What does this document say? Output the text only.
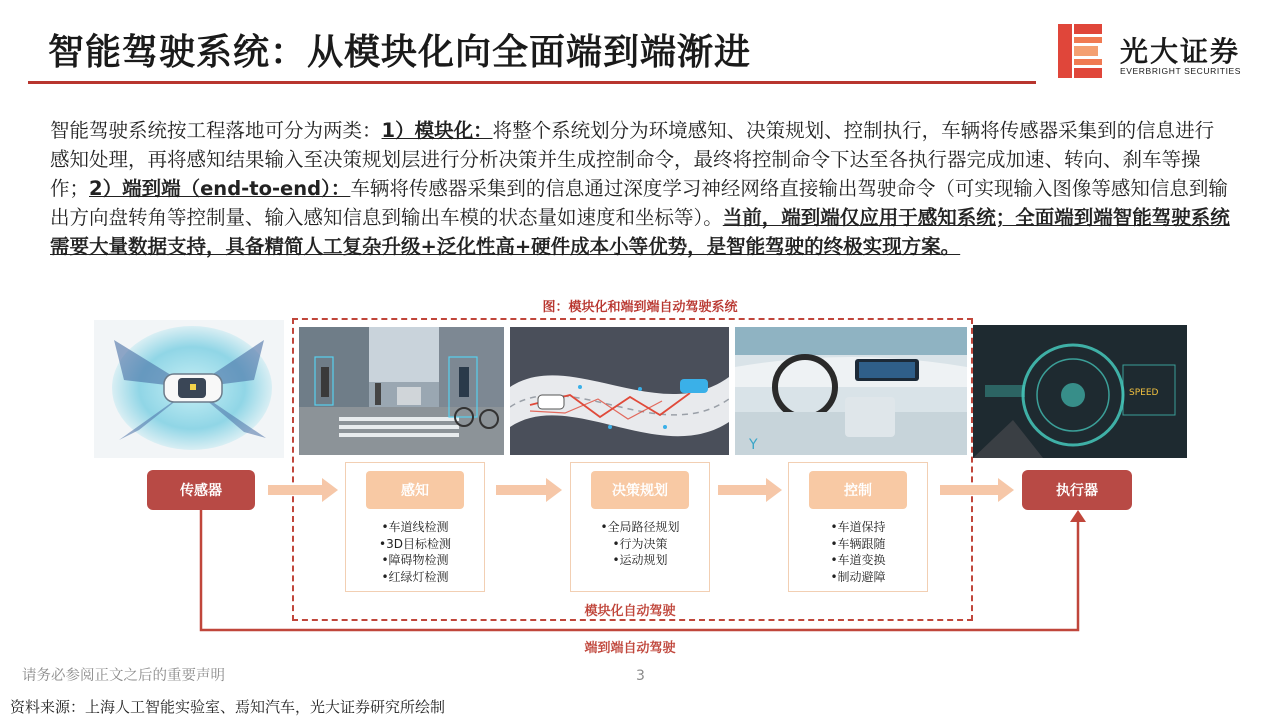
智能驾驶系统：从模块化向全面端到端渐进	光大证券
EVERBRIGHT SECURITIES
智能驾驶系统按工程落地可分为两类：1）模块化：将整个系统划分为环境感知、决策规划、控制执行，车辆将传感器采集到的信息进行感知处理，再将感知结果输入至决策规划层进行分析决策并生成控制命令，最终将控制命令下达至各执行器完成加速、转向、刹车等操作；2）端到端（end-to-end）：车辆将传感器采集到的信息通过深度学习神经网络直接输出驾驶命令（可实现输入图像等感知信息到输出方向盘转角等控制量、输入感知信息到输出车模的状态量如速度和坐标等）。当前，端到端仅应用于感知系统；全面端到端智能驾驶系统需要大量数据支持，具备精简人工复杂升级+泛化性高+硬件成本小等优势，是智能驾驶的终极实现方案。
图：模块化和端到端自动驾驶系统
Y
SPEED
传感器	执行器
感知
•车道线检测
•3D目标检测
•障碍物检测
•红绿灯检测
决策规划
•全局路径规划
•行为决策
•运动规划
控制
•车道保持
•车辆跟随
•车道变换
•制动避障
模块化自动驾驶
端到端自动驾驶
请务必参阅正文之后的重要声明	3
资料来源：上海人工智能实验室、焉知汽车，光大证券研究所绘制
